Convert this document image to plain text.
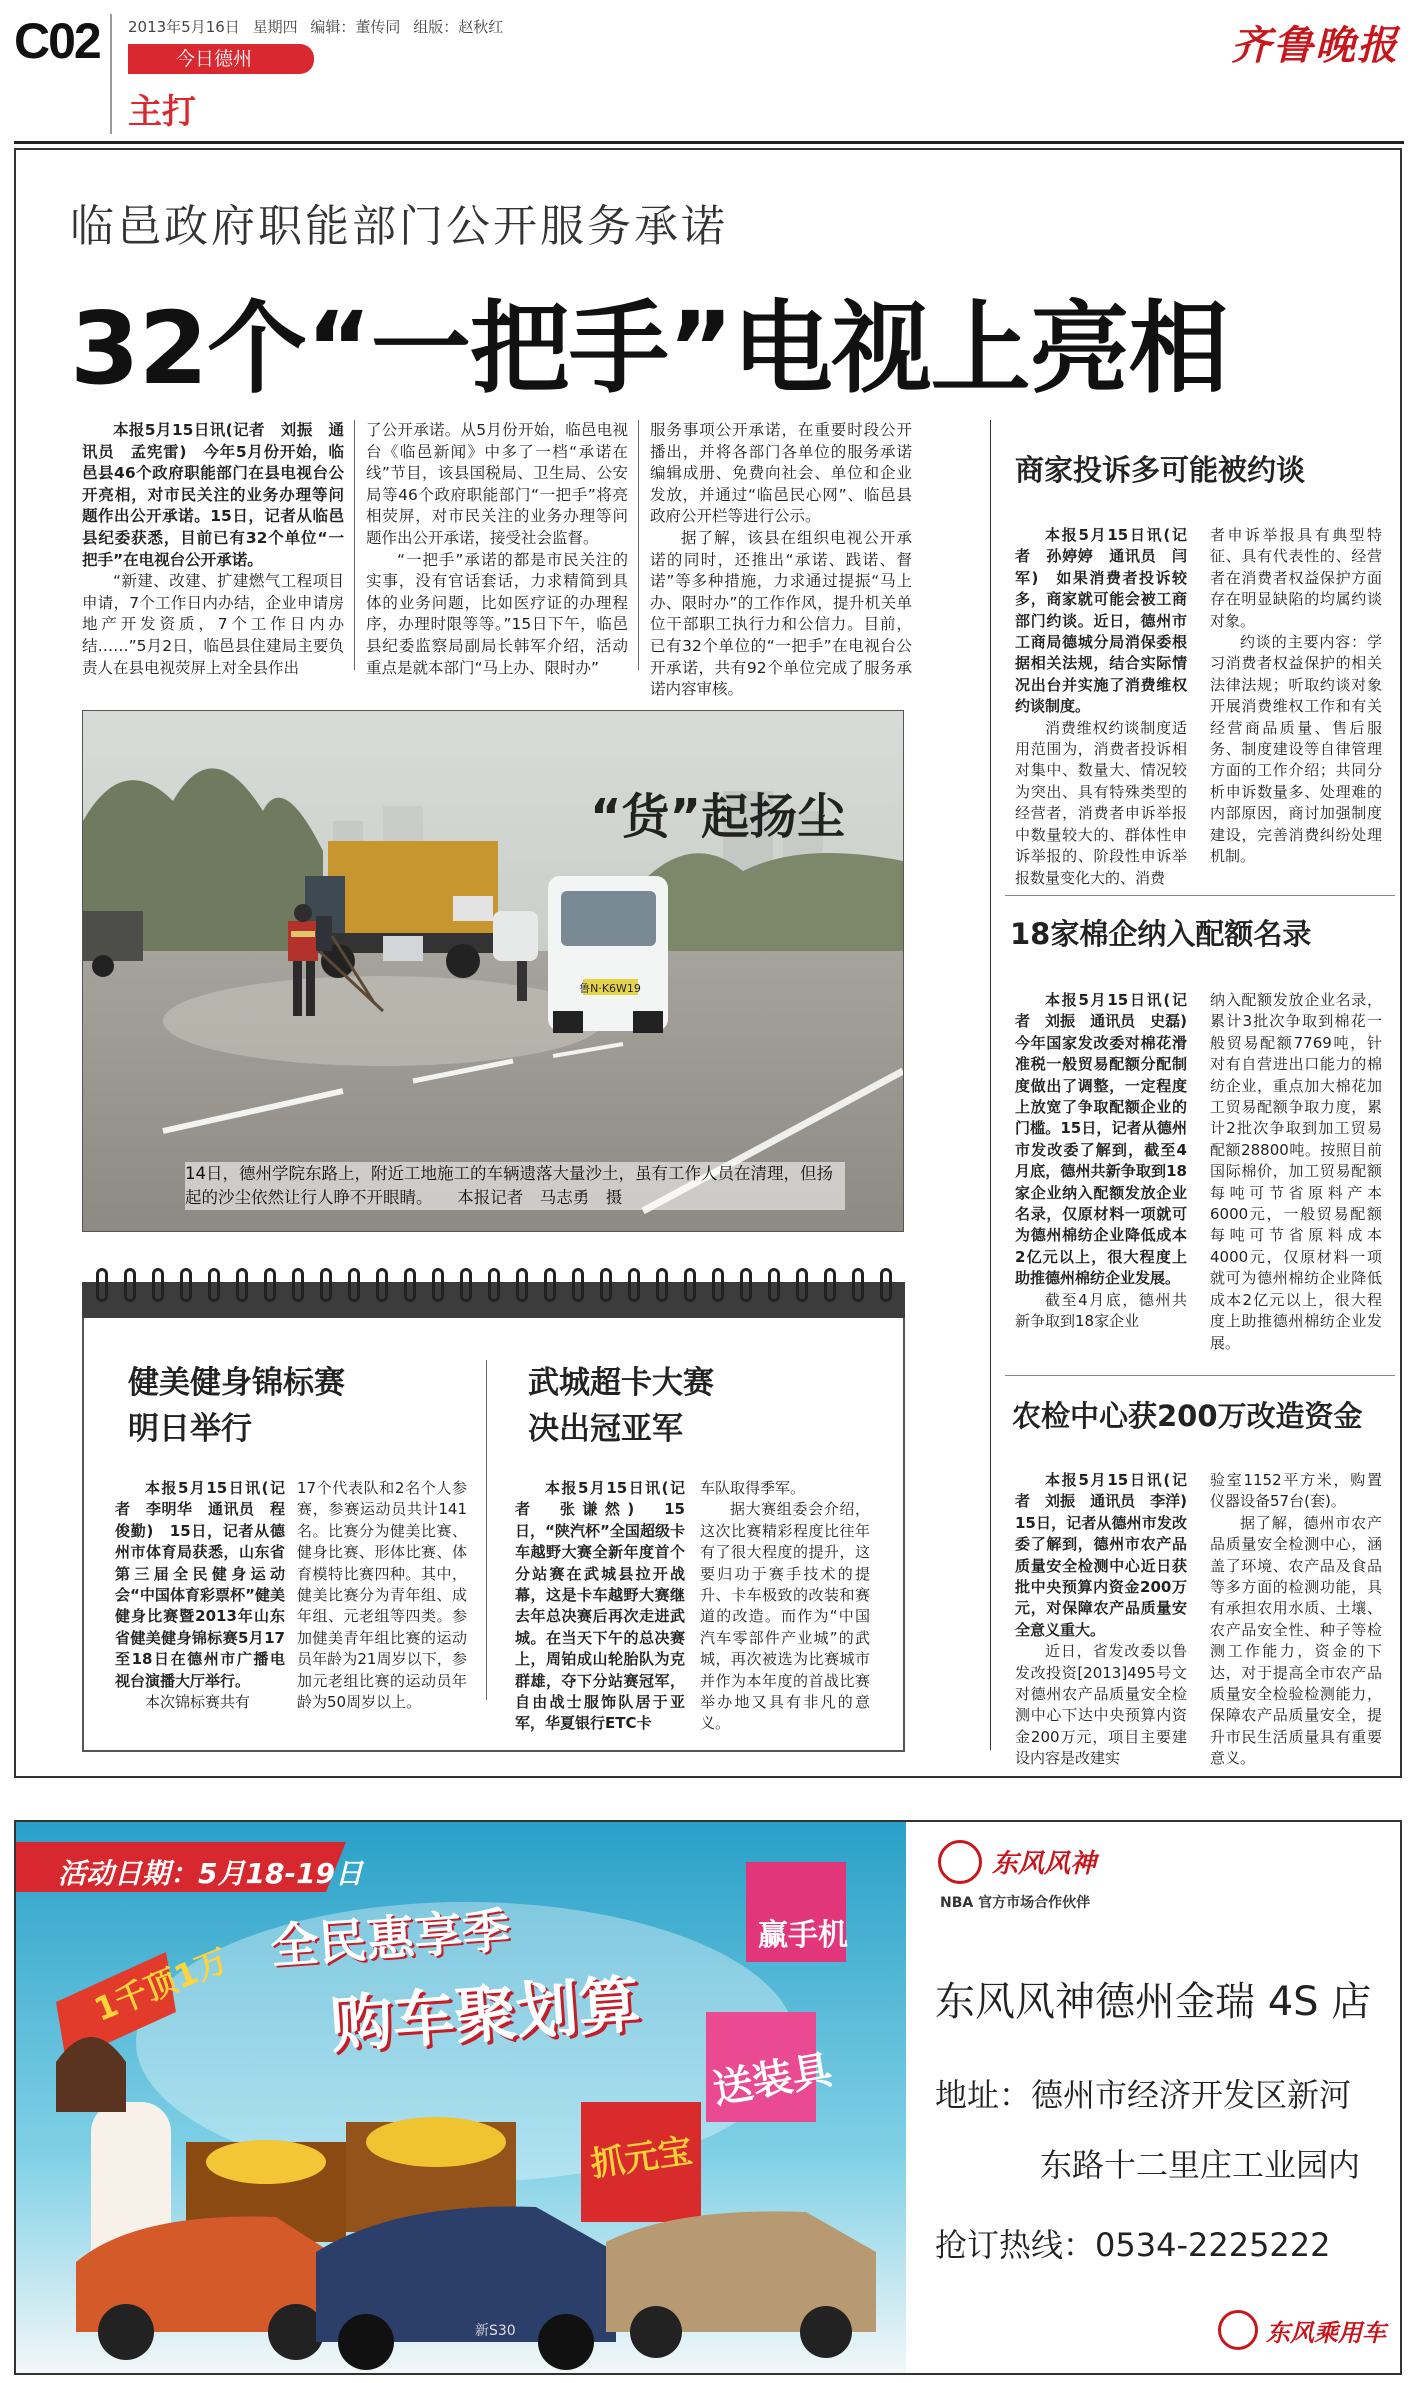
C02 2013年5月16日 星期四 编辑：董传同 组版：赵秋红
今日德州
主打
齐鲁晚报
临邑政府职能部门公开服务承诺
32个“一把手”电视上亮相

本报5月15日讯(记者　刘振　通讯员　孟宪雷)　今年5月份开始，临邑县46个政府职能部门在县电视台公开亮相，对市民关注的业务办理等问题作出公开承诺。15日，记者从临邑县纪委获悉，目前已有32个单位“一把手”在电视台公开承诺。

“新建、改建、扩建燃气工程项目申请，7个工作日内办结，企业申请房地产开发资质，7个工作日内办结……”5月2日，临邑县住建局主要负责人在县电视荧屏上对全县作出

了公开承诺。从5月份开始，临邑电视台《临邑新闻》中多了一档“承诺在线”节目，该县国税局、卫生局、公安局等46个政府职能部门“一把手”将亮相荧屏，对市民关注的业务办理等问题作出公开承诺，接受社会监督。

“一把手”承诺的都是市民关注的实事，没有官话套话，力求精简到具体的业务问题，比如医疗证的办理程序，办理时限等等。”15日下午，临邑县纪委监察局副局长韩军介绍，活动重点是就本部门“马上办、限时办”

服务事项公开承诺，在重要时段公开播出，并将各部门各单位的服务承诺编辑成册、免费向社会、单位和企业发放，并通过“临邑民心网”、临邑县政府公开栏等进行公示。

据了解，该县在组织电视公开承诺的同时，还推出“承诺、践诺、督诺”等多种措施，力求通过提振“马上办、限时办”的工作作风，提升机关单位干部职工执行力和公信力。目前，已有32个单位的“一把手”在电视台公开承诺，共有92个单位完成了服务承诺内容审核。

鲁N·K6W19
“货”起扬尘
14日，德州学院东路上，附近工地施工的车辆遗落大量沙土，虽有工作人员在清理，但扬起的沙尘依然让行人睁不开眼睛。　　本报记者　马志勇　摄
商家投诉多可能被约谈

本报5月15日讯(记者　孙婷婷　通讯员　闫军)　如果消费者投诉较多，商家就可能会被工商部门约谈。近日，德州市工商局德城分局消保委根据相关法规，结合实际情况出台并实施了消费维权约谈制度。

消费维权约谈制度适用范围为，消费者投诉相对集中、数量大、情况较为突出、具有特殊类型的经营者，消费者申诉举报中数量较大的、群体性申诉举报的、阶段性申诉举报数量变化大的、消费

者申诉举报具有典型特征、具有代表性的、经营者在消费者权益保护方面存在明显缺陷的均属约谈对象。

约谈的主要内容：学习消费者权益保护的相关法律法规；听取约谈对象开展消费维权工作和有关经营商品质量、售后服务、制度建设等自律管理方面的工作介绍；共同分析申诉数量多、处理难的内部原因，商讨加强制度建设，完善消费纠纷处理机制。

18家棉企纳入配额名录

本报5月15日讯(记者　刘振　通讯员　史磊)　今年国家发改委对棉花滑准税一般贸易配额分配制度做出了调整，一定程度上放宽了争取配额企业的门槛。15日，记者从德州市发改委了解到，截至4月底，德州共新争取到18家企业纳入配额发放企业名录，仅原材料一项就可为德州棉纺企业降低成本2亿元以上，很大程度上助推德州棉纺企业发展。

截至4月底，德州共新争取到18家企业

纳入配额发放企业名录，累计3批次争取到棉花一般贸易配额7769吨，针对有自营进出口能力的棉纺企业，重点加大棉花加工贸易配额争取力度，累计2批次争取到加工贸易配额28800吨。按照目前国际棉价，加工贸易配额每吨可节省原料产本6000元，一般贸易配额每吨可节省原料成本4000元，仅原材料一项就可为德州棉纺企业降低成本2亿元以上，很大程度上助推德州棉纺企业发展。

农检中心获200万改造资金

本报5月15日讯(记者　刘振　通讯员　李洋)　15日，记者从德州市发改委了解到，德州市农产品质量安全检测中心近日获批中央预算内资金200万元，对保障农产品质量安全意义重大。

近日，省发改委以鲁发改投资[2013]495号文对德州农产品质量安全检测中心下达中央预算内资金200万元，项目主要建设内容是改建实

验室1152平方米，购置仪器设备57台(套)。

据了解，德州市农产品质量安全检测中心，涵盖了环境、农产品及食品等多方面的检测功能，具有承担农用水质、土壤、农产品安全性、种子等检测工作能力，资金的下达，对于提高全市农产品质量安全检验检测能力，保障农产品质量安全，提升市民生活质量具有重要意义。

健美健身锦标赛
明日举行

本报5月15日讯(记者　李明华　通讯员　程俊勤)　15日，记者从德州市体育局获悉，山东省第三届全民健身运动会“中国体育彩票杯”健美健身比赛暨2013年山东省健美健身锦标赛5月17至18日在德州市广播电视台演播大厅举行。

本次锦标赛共有

17个代表队和2名个人参赛，参赛运动员共计141名。比赛分为健美比赛、健身比赛、形体比赛、体育模特比赛四种。其中，健美比赛分为青年组、成年组、元老组等四类。参加健美青年组比赛的运动员年龄为21周岁以下，参加元老组比赛的运动员年龄为50周岁以上。

武城超卡大赛
决出冠亚军

本报5月15日讯(记者　张谦然)　15日，“陕汽杯”全国超级卡车越野大赛全新年度首个分站赛在武城县拉开战幕，这是卡车越野大赛继去年总决赛后再次走进武城。在当天下午的总决赛上，周铂成山轮胎队为克群雄，夺下分站赛冠军，自由战士服饰队居于亚军，华夏银行ETC卡

车队取得季军。

据大赛组委会介绍，这次比赛精彩程度比往年有了很大程度的提升，这要归功于赛手技术的提升、卡车极致的改装和赛道的改造。而作为“中国汽车零部件产业城”的武城，再次被选为比赛城市并作为本年度的首战比赛举办地又具有非凡的意义。

活动日期：5月18-19日
全民惠享季
购车聚划算
1千顶1万
赢手机
送装具
抓元宝
新S30
东风风神
NBA 官方市场合作伙伴
东风风神德州金瑞 4S 店
地址：德州市经济开发区新河
东路十二里庄工业园内
抢订热线：0534-2225222
东风乘用车
